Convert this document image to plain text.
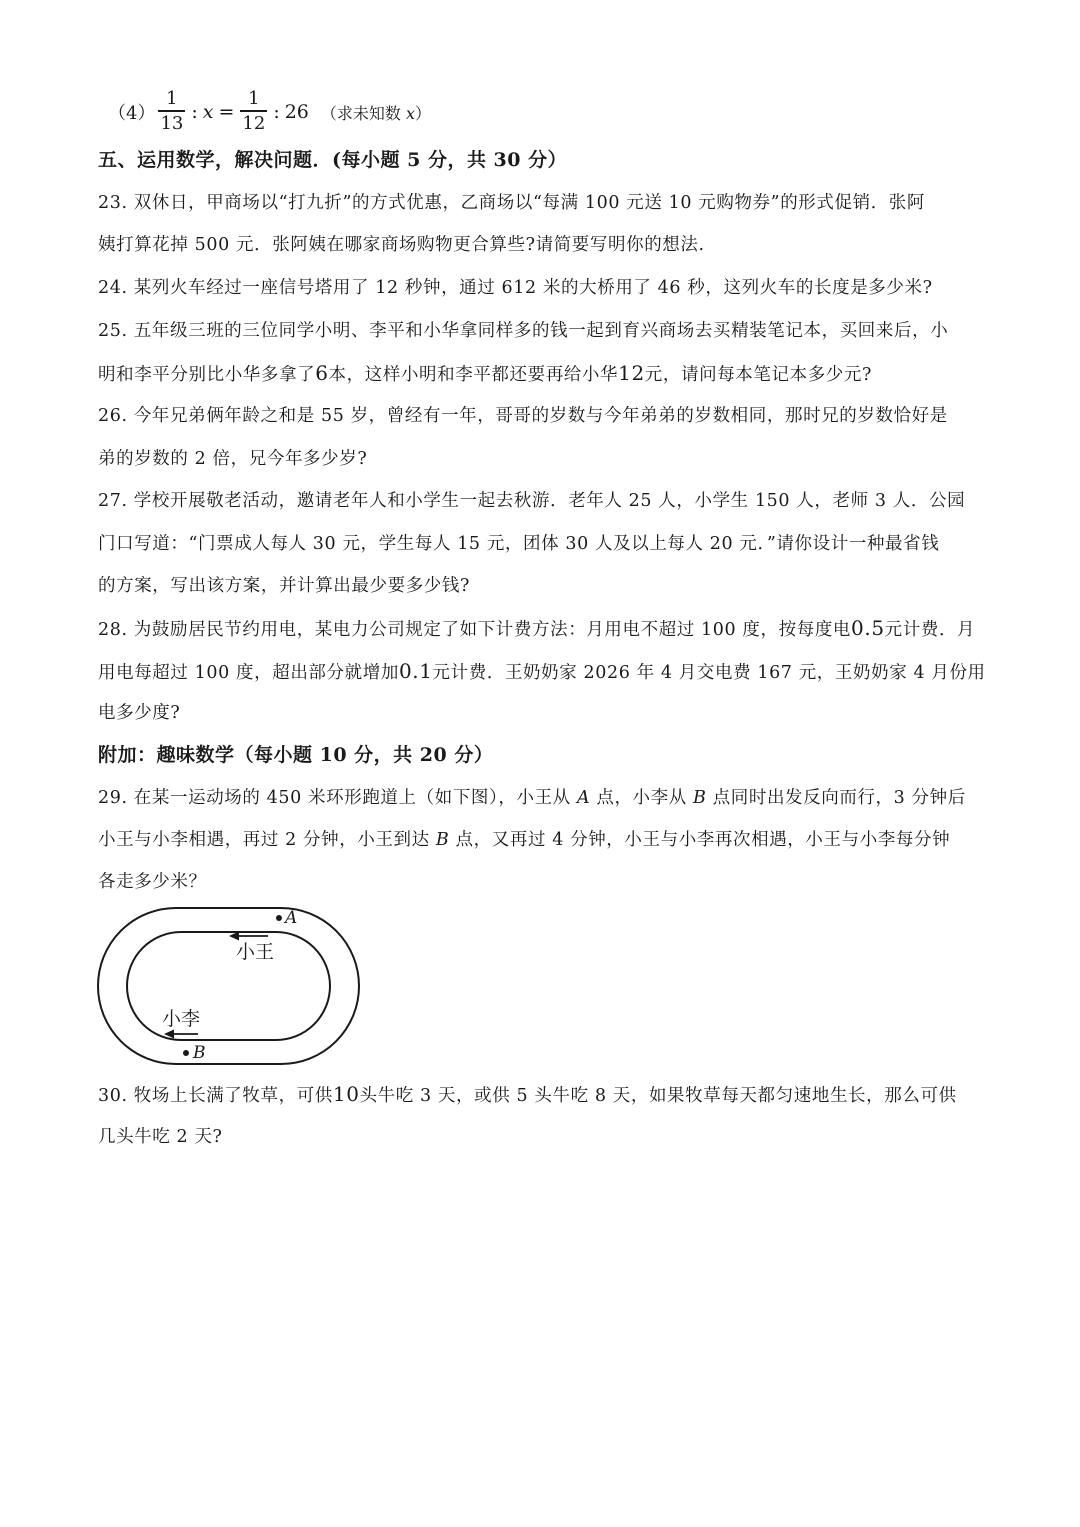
$(4) \frac{1}{13}$ : $x = \frac{1}{12}$ : 26 （求未知数 x）
五、运用数学，解决问题．(每小题 5 分，共 30 分）
23. 双休日，甲商场以“打九折”的方式优惠，乙商场以“每满 100 元送 10 元购物券”的形式促销．张阿
姨打算花掉 500 元．张阿姨在哪家商场购物更合算些?请简要写明你的想法.
24. 某列火车经过一座信号塔用了 12 秒钟，通过 612 米的大桥用了 46 秒，这列火车的长度是多少米?
25. 五年级三班的三位同学小明、李平和小华拿同样多的钱一起到育兴商场去买精装笔记本，买回来后，小
明和李平分别比小华多拿了6本，这样小明和李平都还要再给小华12元，请问每本笔记本多少元?
26. 今年兄弟俩年龄之和是 55 岁，曾经有一年，哥哥的岁数与今年弟弟的岁数相同，那时兄的岁数恰好是
弟的岁数的 2 倍，兄今年多少岁?
27. 学校开展敬老活动，邀请老年人和小学生一起去秋游．老年人 25 人，小学生 150 人，老师 3 人．公园
门口写道：“门票成人每人 30 元，学生每人 15 元，团体 30 人及以上每人 20 元．”请你设计一种最省钱
的方案，写出该方案，并计算出最少要多少钱?
28. 为鼓励居民节约用电，某电力公司规定了如下计费方法：月用电不超过 100 度，按每度电0.5元计费．月
用电每超过 100 度，超出部分就增加0.1元计费．王奶奶家 2026 年 4 月交电费 167 元，王奶奶家 4 月份用
电多少度?
附加：趣味数学（每小题 10 分，共 20 分）
29. 在某一运动场的 450 米环形跑道上（如下图），小王从 A 点，小李从 B 点同时出发反向而行，3 分钟后
小王与小李相遇，再过 2 分钟，小王到达 B 点，又再过 4 分钟，小王与小李再次相遇，小王与小李每分钟
各走多少米？
小王
小李
A
B
30. 牧场上长满了牧草，可供10头牛吃 3 天，或供 5 头牛吃 8 天，如果牧草每天都匀速地生长，那么可供
几头牛吃 2 天?
